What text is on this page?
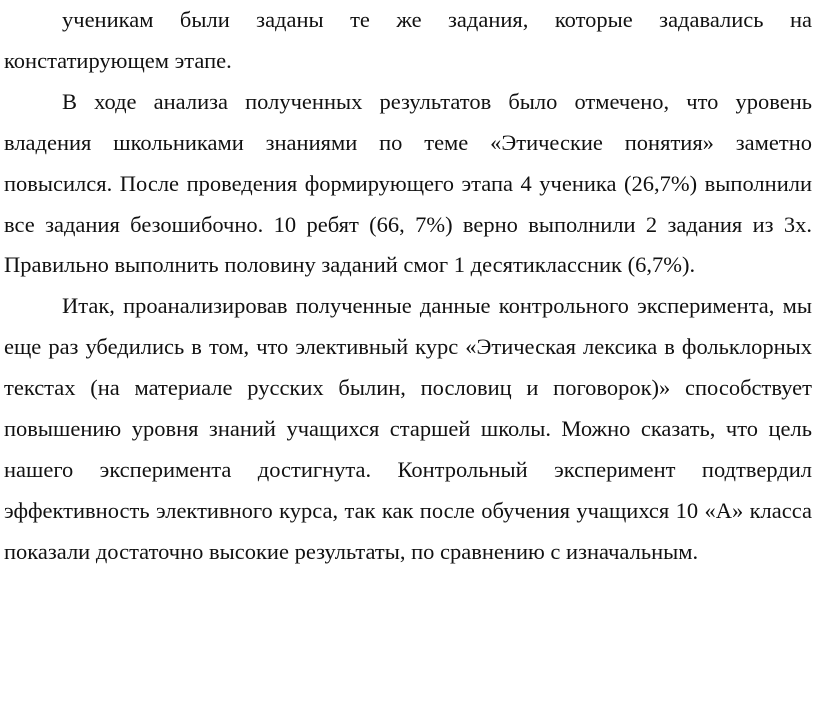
ученикам были заданы те же задания, которые задавались на констатирующем этапе.

В ходе анализа полученных результатов было отмечено, что уровень владения школьниками знаниями по теме «Этические понятия» заметно повысился. После проведения формирующего этапа 4 ученика (26,7%) выполнили все задания безошибочно. 10 ребят (66, 7%) верно выполнили 2 задания из 3х. Правильно выполнить половину заданий смог 1 десятиклассник (6,7%).

Итак, проанализировав полученные данные контрольного эксперимента, мы еще раз убедились в том, что элективный курс «Этическая лексика в фольклорных текстах (на материале русских былин, пословиц и поговорок)» способствует повышению уровня знаний учащихся старшей школы. Можно сказать, что цель нашего эксперимента достигнута. Контрольный эксперимент подтвердил эффективность элективного курса, так как после обучения учащихся 10 «А» класса показали достаточно высокие результаты, по сравнению с изначальным.
